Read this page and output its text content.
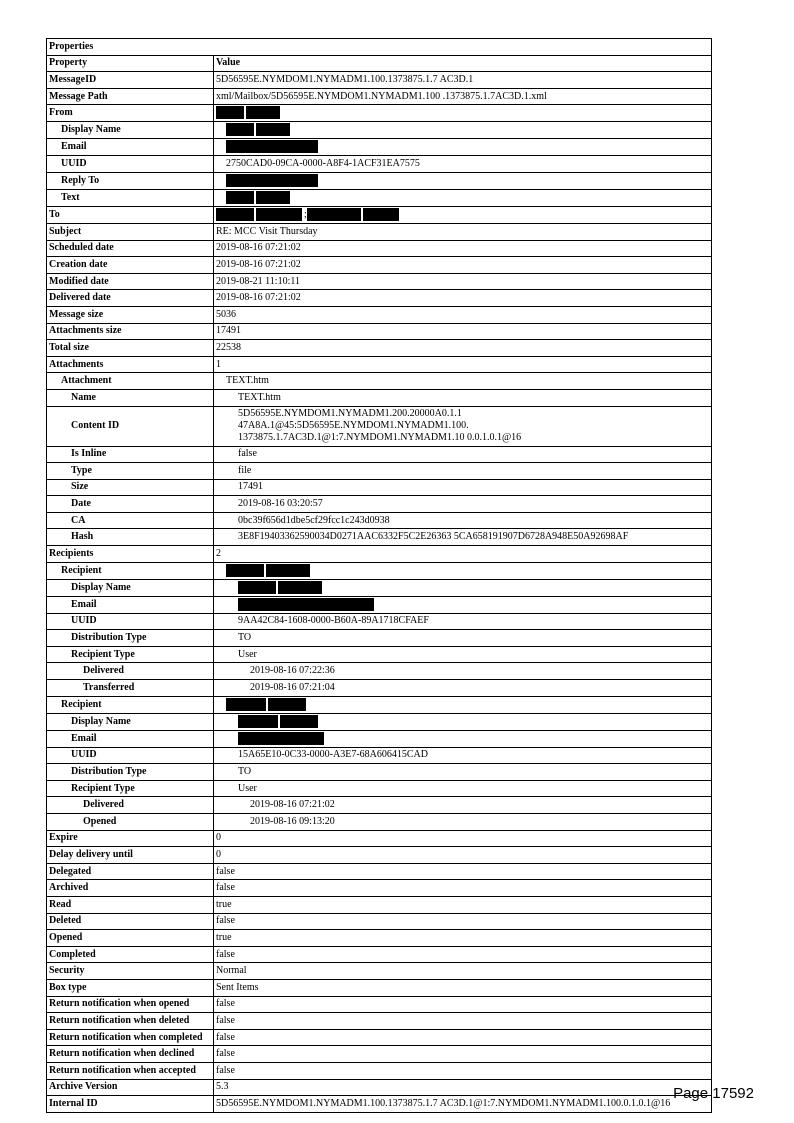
Properties	
Property	Value
MessageID	5D56595E.NYMDOM1.NYMADM1.100.1373875.1.7 AC3D.1
Message Path	xml/Mailbox/5D56595E.NYMDOM1.NYMADM1.100 .1373875.1.7AC3D.1.xml
From	
Display Name	
Email	
UUID	2750CAD0-09CA-0000-A8F4-1ACF31EA7575
Reply To	
Text	
To	;
Subject	RE: MCC Visit Thursday
Scheduled date	2019-08-16 07:21:02
Creation date	2019-08-16 07:21:02
Modified date	2019-08-21 11:10:11
Delivered date	2019-08-16 07:21:02
Message size	5036
Attachments size	17491
Total size	22538
Attachments	1
Attachment	TEXT.htm
Name	TEXT.htm
Content ID	5D56595E.NYMDOM1.NYMADM1.200.20000A0.1.1
47A8A.1@45:5D56595E.NYMDOM1.NYMADM1.100.
1373875.1.7AC3D.1@1:7.NYMDOM1.NYMADM1.10 0.0.1.0.1@16

Is Inline	false
Type	file
Size	17491
Date	2019-08-16 03:20:57
CA	0bc39f656d1dbe5cf29fcc1c243d0938
Hash	3E8F19403362590034D0271AAC6332F5C2E26363 5CA658191907D6728A948E50A92698AF
Recipients	2
Recipient	
Display Name	
Email	
UUID	9AA42C84-1608-0000-B60A-89A1718CFAEF
Distribution Type	TO
Recipient Type	User
Delivered	2019-08-16 07:22:36
Transferred	2019-08-16 07:21:04
Recipient	
Display Name	
Email	
UUID	15A65E10-0C33-0000-A3E7-68A606415CAD
Distribution Type	TO
Recipient Type	User
Delivered	2019-08-16 07:21:02
Opened	2019-08-16 09:13:20
Expire	0
Delay delivery until	0
Delegated	false
Archived	false
Read	true
Deleted	false
Opened	true
Completed	false
Security	Normal
Box type	Sent Items
Return notification when opened	false
Return notification when deleted	false
Return notification when completed	false
Return notification when declined	false
Return notification when accepted	false
Archive Version	5.3
Internal ID	5D56595E.NYMDOM1.NYMADM1.100.1373875.1.7 AC3D.1@1:7.NYMDOM1.NYMADM1.100.0.1.0.1@16
Page 17592
